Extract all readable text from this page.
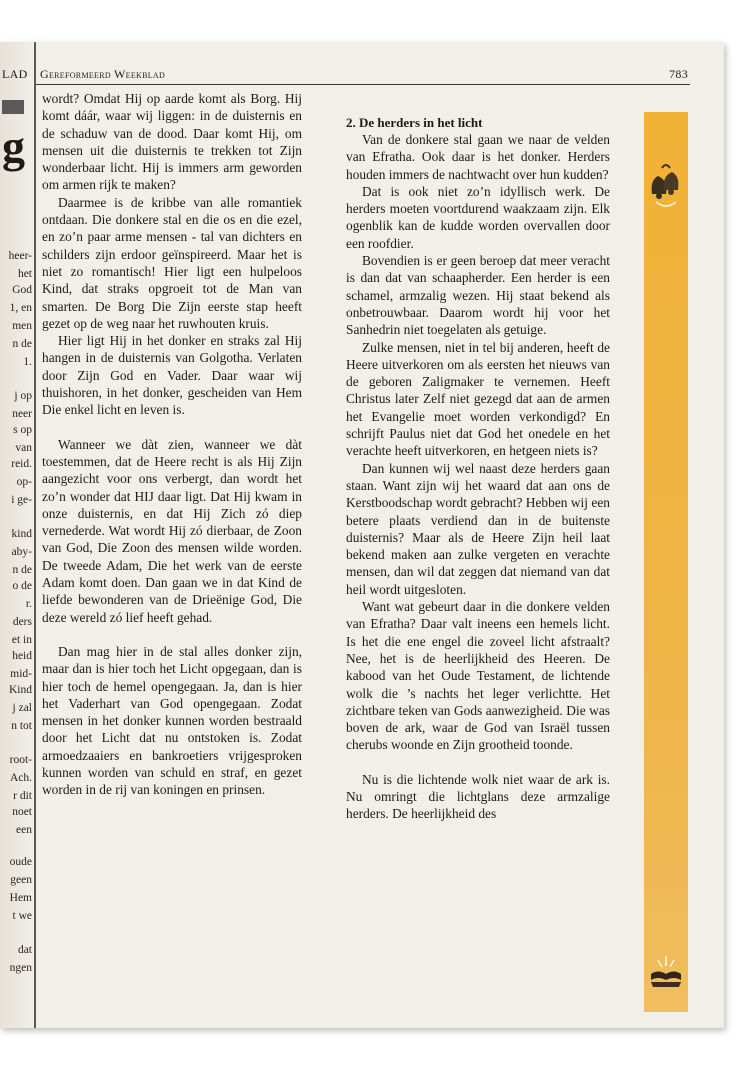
g
heer-
het
God
1, en
men
n de
1.
j op
neer
s op
van
reid.
op-
i ge-
kind
aby-
n de
o de
r.
ders
et in
heid
mid-
Kind
j zal
n tot
root-
Ach.
r dit
noet
een
oude
geen
Hem
t we
dat
ngen
LAD Gereformeerd Weekblad	783

wordt? Omdat Hij op aarde komt als Borg. Hij komt dáár, waar wij liggen: in de duisternis en de schaduw van de dood. Daar komt Hij, om mensen uit die duisternis te trekken tot Zijn wonderbaar licht. Hij is immers arm geworden om armen rijk te maken?

Daarmee is de kribbe van alle romantiek ontdaan. Die donkere stal en die os en die ezel, en zo’n paar arme mensen - tal van dichters en schilders zijn erdoor geïnspireerd. Maar het is niet zo romantisch! Hier ligt een hulpeloos Kind, dat straks opgroeit tot de Man van smarten. De Borg Die Zijn eerste stap heeft gezet op de weg naar het ruwhouten kruis.

Hier ligt Hij in het donker en straks zal Hij hangen in de duisternis van Golgotha. Verlaten door Zijn God en Vader. Daar waar wij thuishoren, in het donker, gescheiden van Hem Die enkel licht en leven is.

Wanneer we dàt zien, wanneer we dàt toestemmen, dat de Heere recht is als Hij Zijn aangezicht voor ons verbergt, dan wordt het zo’n wonder dat HIJ daar ligt. Dat Hij kwam in onze duisternis, en dat Hij Zich zó diep vernederde. Wat wordt Hij zó dierbaar, de Zoon van God, Die Zoon des mensen wilde worden. De tweede Adam, Die het werk van de eerste Adam komt doen. Dan gaan we in dat Kind de liefde bewonderen van de Drieënige God, Die deze wereld zó lief heeft gehad.

Dan mag hier in de stal alles donker zijn, maar dan is hier toch het Licht opgegaan, dan is hier toch de hemel opengegaan. Ja, dan is hier het Vaderhart van God opengegaan. Zodat mensen in het donker kunnen worden bestraald door het Licht dat nu ontstoken is. Zodat armoedzaaiers en bankroetiers vrijgesproken kunnen worden van schuld en straf, en gezet worden in de rij van koningen en prinsen.

2. De herders in het licht

Van de donkere stal gaan we naar de velden van Efratha. Ook daar is het donker. Herders houden immers de nachtwacht over hun kudden?

Dat is ook niet zo’n idyllisch werk. De herders moeten voortdurend waakzaam zijn. Elk ogenblik kan de kudde worden overvallen door een roofdier.

Bovendien is er geen beroep dat meer veracht is dan dat van schaapherder. Een herder is een schamel, armzalig wezen. Hij staat bekend als onbetrouwbaar. Daarom wordt hij voor het Sanhedrin niet toegelaten als getuige.

Zulke mensen, niet in tel bij anderen, heeft de Heere uitverkoren om als eersten het nieuws van de geboren Zaligmaker te vernemen. Heeft Christus later Zelf niet gezegd dat aan de armen het Evangelie moet worden verkondigd? En schrijft Paulus niet dat God het onedele en het verachte heeft uitverkoren, en hetgeen niets is?

Dan kunnen wij wel naast deze herders gaan staan. Want zijn wij het waard dat aan ons de Kerstboodschap wordt gebracht? Hebben wij een betere plaats verdiend dan in de buitenste duisternis? Maar als de Heere Zijn heil laat bekend maken aan zulke vergeten en verachte mensen, dan wil dat zeggen dat niemand van dat heil wordt uitgesloten.

Want wat gebeurt daar in die donkere velden van Efratha? Daar valt ineens een hemels licht. Is het die ene engel die zoveel licht afstraalt? Nee, het is de heerlijkheid des Heeren. De kabood van het Oude Testament, de lichtende wolk die ’s nachts het leger verlichtte. Het zichtbare teken van Gods aanwezigheid. Die was boven de ark, waar de God van Israël tussen cherubs woonde en Zijn grootheid toonde.

Nu is die lichtende wolk niet waar de ark is. Nu omringt die lichtglans deze armzalige herders. De heerlijkheid des
